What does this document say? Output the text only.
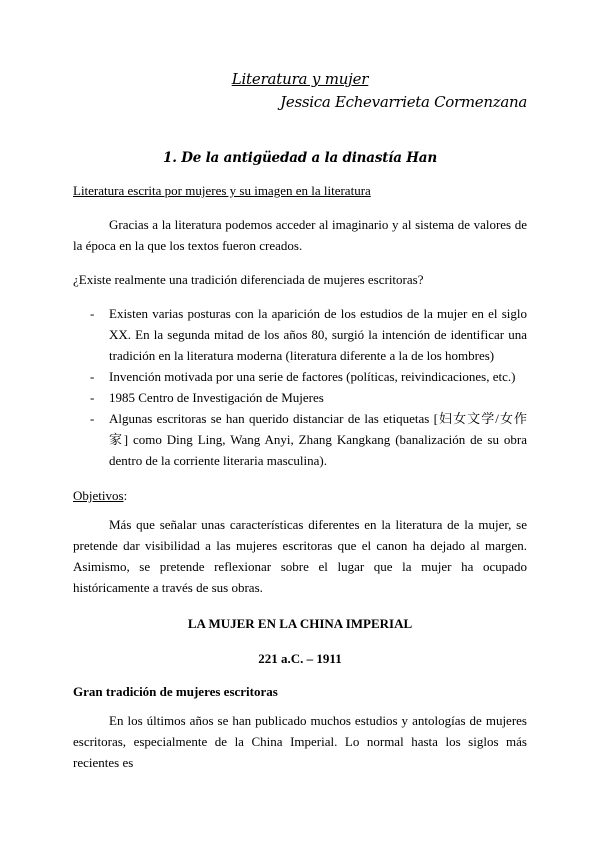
Literatura y mujer
Jessica Echevarrieta Cormenzana
1. De la antigüedad a la dinastía Han
Literatura escrita por mujeres y su imagen en la literatura
Gracias a la literatura podemos acceder al imaginario y al sistema de valores de la época en la que los textos fueron creados.
¿Existe realmente una tradición diferenciada de mujeres escritoras?
- Existen varias posturas con la aparición de los estudios de la mujer en el siglo XX. En la segunda mitad de los años 80, surgió la intención de identificar una tradición en la literatura moderna (literatura diferente a la de los hombres)
- Invención motivada por una serie de factores (políticas, reivindicaciones, etc.)
- 1985 Centro de Investigación de Mujeres
- Algunas escritoras se han querido distanciar de las etiquetas [妇女文学/女作家] como Ding Ling, Wang Anyi, Zhang Kangkang (banalización de su obra dentro de la corriente literaria masculina).
Objetivos:
Más que señalar unas características diferentes en la literatura de la mujer, se pretende dar visibilidad a las mujeres escritoras que el canon ha dejado al margen. Asimismo, se pretende reflexionar sobre el lugar que la mujer ha ocupado históricamente a través de sus obras.
LA MUJER EN LA CHINA IMPERIAL
221 a.C. – 1911
Gran tradición de mujeres escritoras
En los últimos años se han publicado muchos estudios y antologías de mujeres escritoras, especialmente de la China Imperial. Lo normal hasta los siglos más recientes es
